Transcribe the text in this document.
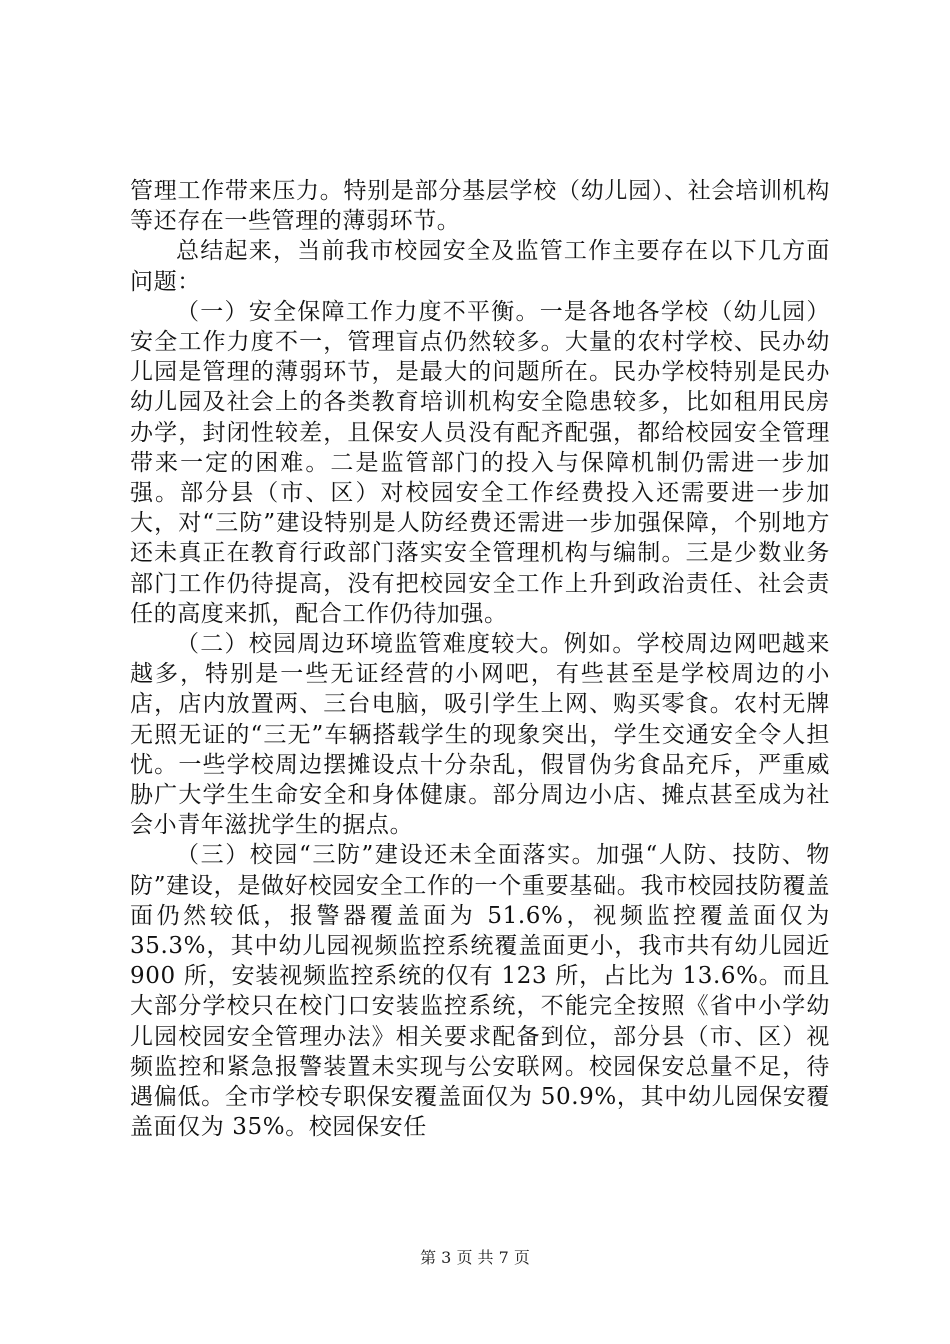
管理工作带来压力。特别是部分基层学校（幼儿园）、社会培训机构等还存在一些管理的薄弱环节。

总结起来，当前我市校园安全及监管工作主要存在以下几方面问题：

（一）安全保障工作力度不平衡。一是各地各学校（幼儿园）安全工作力度不一，管理盲点仍然较多。大量的农村学校、民办幼儿园是管理的薄弱环节，是最大的问题所在。民办学校特别是民办幼儿园及社会上的各类教育培训机构安全隐患较多，比如租用民房办学，封闭性较差，且保安人员没有配齐配强，都给校园安全管理带来一定的困难。二是监管部门的投入与保障机制仍需进一步加强。部分县（市、区）对校园安全工作经费投入还需要进一步加大，对“三防”建设特别是人防经费还需进一步加强保障，个别地方还未真正在教育行政部门落实安全管理机构与编制。三是少数业务部门工作仍待提高，没有把校园安全工作上升到政治责任、社会责任的高度来抓，配合工作仍待加强。

（二）校园周边环境监管难度较大。例如。学校周边网吧越来越多，特别是一些无证经营的小网吧，有些甚至是学校周边的小店，店内放置两、三台电脑，吸引学生上网、购买零食。农村无牌无照无证的“三无”车辆搭载学生的现象突出，学生交通安全令人担忧。一些学校周边摆摊设点十分杂乱，假冒伪劣食品充斥，严重威胁广大学生生命安全和身体健康。部分周边小店、摊点甚至成为社会小青年滋扰学生的据点。

（三）校园“三防”建设还未全面落实。加强“人防、技防、物防”建设，是做好校园安全工作的一个重要基础。我市校园技防覆盖面仍然较低，报警器覆盖面为 51.6%，视频监控覆盖面仅为 35.3%，其中幼儿园视频监控系统覆盖面更小，我市共有幼儿园近 900 所，安装视频监控系统的仅有 123 所，占比为 13.6%。而且大部分学校只在校门口安装监控系统，不能完全按照《省中小学幼儿园校园安全管理办法》相关要求配备到位，部分县（市、区）视频监控和紧急报警装置未实现与公安联网。校园保安总量不足，待遇偏低。全市学校专职保安覆盖面仅为 50.9%，其中幼儿园保安覆盖面仅为 35%。校园保安任

第 3 页 共 7 页
